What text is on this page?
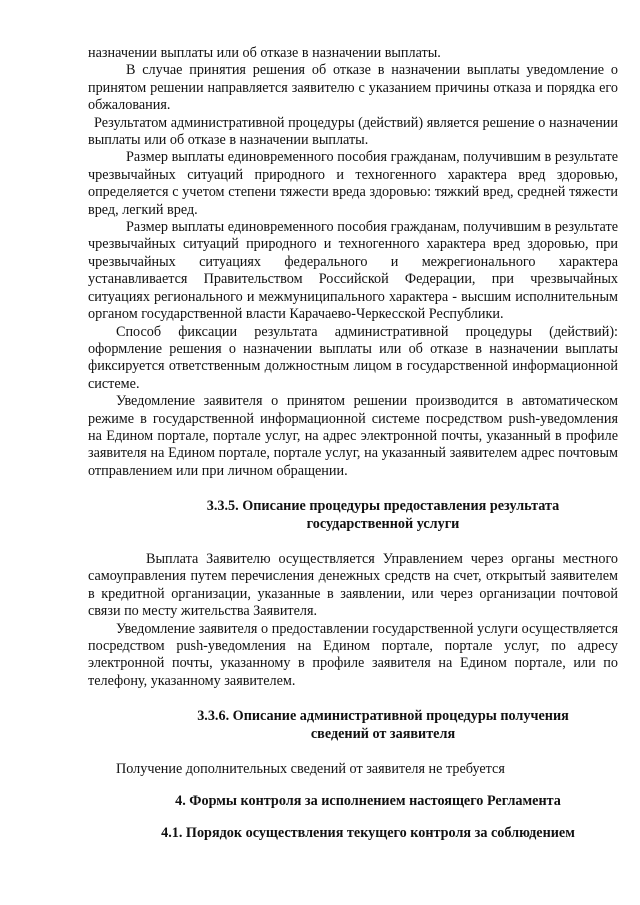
назначении выплаты или об отказе в назначении выплаты.

В случае принятия решения об отказе в назначении выплаты уведомление о принятом решении направляется заявителю с указанием причины отказа и порядка его обжалования.

Результатом административной процедуры (действий) является решение о назначении выплаты или об отказе в назначении выплаты.

Размер выплаты единовременного пособия гражданам, получившим в результате чрезвычайных ситуаций природного и техногенного характера вред здоровью, определяется с учетом степени тяжести вреда здоровью: тяжкий вред, средней тяжести вред, легкий вред.

Размер выплаты единовременного пособия гражданам, получившим в результате чрезвычайных ситуаций природного и техногенного характера вред здоровью, при чрезвычайных ситуациях федерального и межрегионального характера устанавливается Правительством Российской Федерации, при чрезвычайных ситуациях регионального и межмуниципального характера - высшим исполнительным органом государственной власти Карачаево-Черкесской Республики.

Способ фиксации результата административной процедуры (действий): оформление решения о назначении выплаты или об отказе в назначении выплаты фиксируется ответственным должностным лицом в государственной информационной системе.

Уведомление заявителя о принятом решении производится в автоматическом режиме в государственной информационной системе посредством push-уведомления на Едином портале, портале услуг, на адрес электронной почты, указанный в профиле заявителя на Едином портале, портале услуг, на указанный заявителем адрес почтовым отправлением или при личном обращении.

3.3.5. Описание процедуры предоставления результата
государственной услуги

Выплата Заявителю осуществляется Управлением через органы местного самоуправления путем перечисления денежных средств на счет, открытый заявителем в кредитной организации, указанные в заявлении, или через организации почтовой связи по месту жительства Заявителя.

Уведомление заявителя о предоставлении государственной услуги осуществляется посредством push-уведомления на Едином портале, портале услуг, по адресу электронной почты, указанному в профиле заявителя на Едином портале, или по телефону, указанному заявителем.

3.3.6. Описание административной процедуры получения
сведений от заявителя

Получение дополнительных сведений от заявителя не требуется

4. Формы контроля за исполнением настоящего Регламента
4.1. Порядок осуществления текущего контроля за соблюдением
